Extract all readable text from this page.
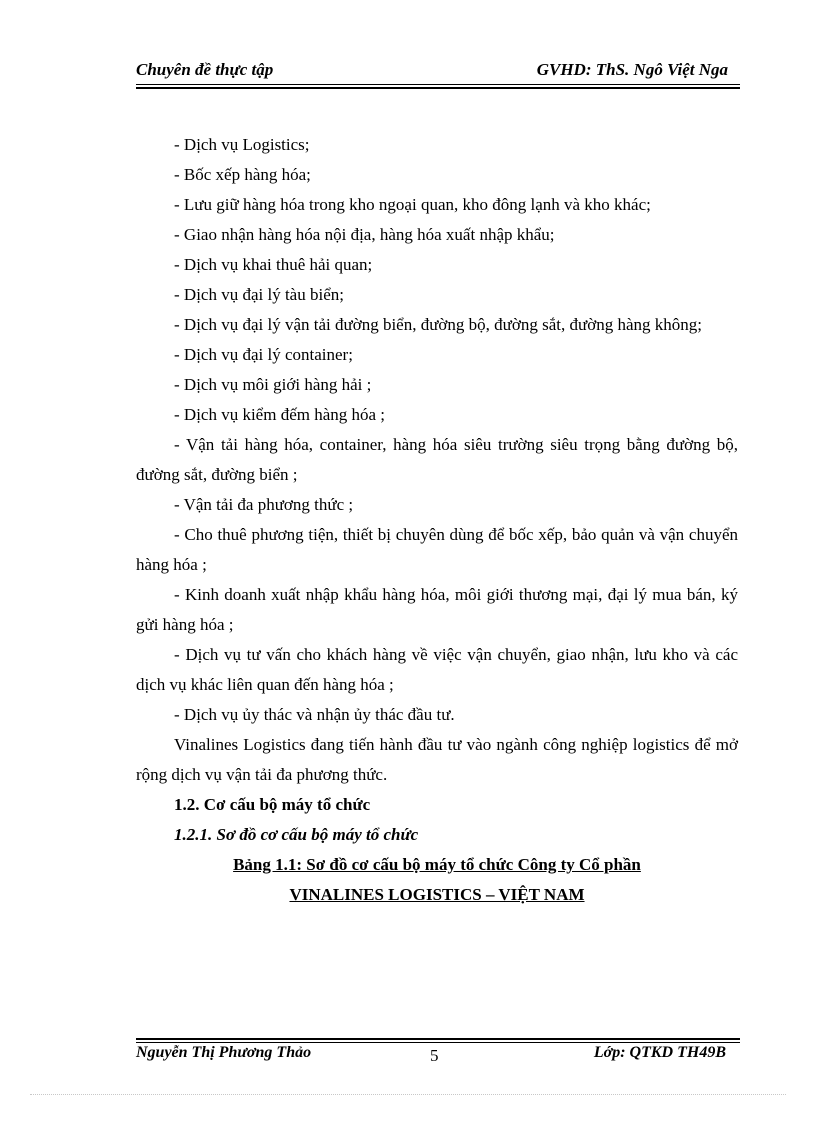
Chuyên đề thực tập	GVHD: ThS. Ngô Việt Nga

- Dịch vụ Logistics;

- Bốc xếp hàng hóa;

- Lưu giữ hàng hóa trong kho ngoại quan, kho đông lạnh và kho khác;

- Giao nhận hàng hóa nội địa, hàng hóa xuất nhập khẩu;

- Dịch vụ khai thuê hải quan;

- Dịch vụ đại lý tàu biển;

- Dịch vụ đại lý vận tải đường biển, đường bộ, đường sắt, đường hàng không;

- Dịch vụ đại lý container;

- Dịch vụ môi giới hàng hải ;

- Dịch vụ kiểm đếm hàng hóa ;

- Vận tải hàng hóa, container, hàng hóa siêu trường siêu trọng bằng đường bộ, đường sắt, đường biển ;

- Vận tải đa phương thức ;

- Cho thuê phương tiện, thiết bị chuyên dùng để bốc xếp, bảo quản và vận chuyển hàng hóa ;

- Kinh doanh xuất nhập khẩu hàng hóa, môi giới thương mại, đại lý mua bán, ký gửi hàng hóa ;

- Dịch vụ tư vấn cho khách hàng về việc vận chuyển, giao nhận, lưu kho và các dịch vụ khác liên quan đến hàng hóa ;

- Dịch vụ ủy thác và nhận ủy thác đầu tư.

Vinalines Logistics đang tiến hành đầu tư vào ngành công nghiệp logistics để mở rộng dịch vụ vận tải đa phương thức.

1.2. Cơ cấu bộ máy tổ chức

1.2.1. Sơ đồ cơ cấu bộ máy tổ chức

Bảng 1.1: Sơ đồ cơ cấu bộ máy tổ chức Công ty Cổ phần

VINALINES LOGISTICS – VIỆT NAM

Nguyễn Thị Phương Thảo	5	Lớp: QTKD TH49B
